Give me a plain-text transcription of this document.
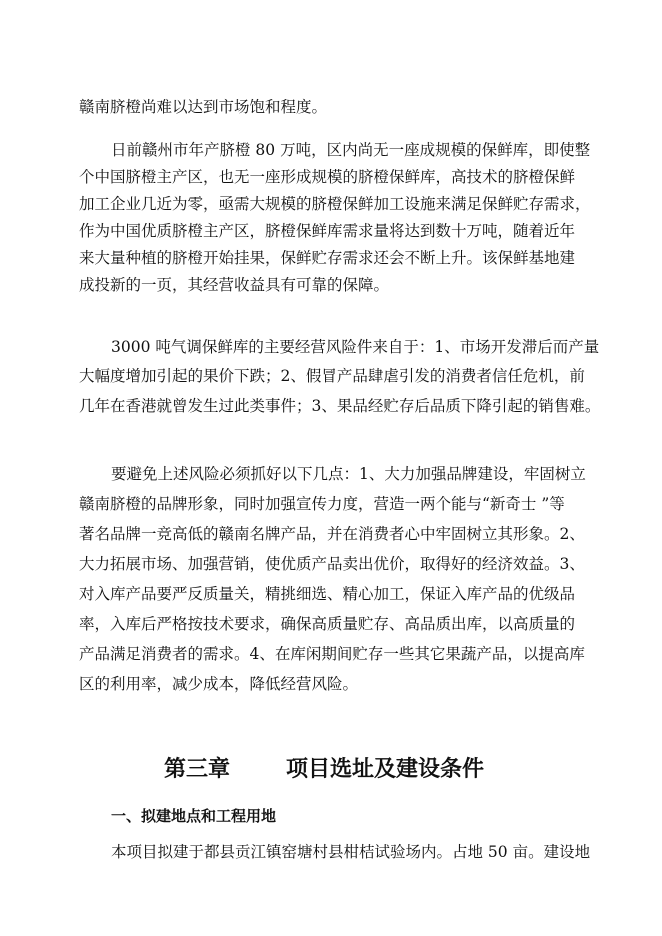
赣南脐橙尚难以达到市场饱和程度。
日前赣州市年产脐橙 80 万吨，区内尚无一座成规模的保鲜库，即使整
个中国脐橙主产区，也无一座形成规模的脐橙保鲜库，高技术的脐橙保鲜
加工企业几近为零，亟需大规模的脐橙保鲜加工设施来满足保鲜贮存需求，
作为中国优质脐橙主产区，脐橙保鲜库需求量将达到数十万吨，随着近年
来大量种植的脐橙开始挂果，保鲜贮存需求还会不断上升。该保鲜基地建
成投新的一页，其经营收益具有可靠的保障。
3000 吨气调保鲜库的主要经营风险件来自于：1、市场开发滞后而产量
大幅度增加引起的果价下跌；2、假冒产品肆虐引发的消费者信任危机，前
几年在香港就曾发生过此类事件；3、果品经贮存后品质下降引起的销售难。
要避免上述风险必须抓好以下几点：1、大力加强品牌建设，牢固树立
赣南脐橙的品牌形象，同时加强宣传力度，营造一两个能与“新奇士 ”等
著名品牌一竞高低的赣南名牌产品，并在消费者心中牢固树立其形象。2、
大力拓展市场、加强营销，使优质产品卖出优价，取得好的经济效益。3、
对入库产品要严反质量关，精挑细选、精心加工，保证入库产品的优级品
率，入库后严格按技术要求，确保高质量贮存、高品质出库，以高质量的
产品满足消费者的需求。4、在库闲期间贮存一些其它果蔬产品，以提高库
区的利用率，减少成本，降低经营风险。
第三章	项目选址及建设条件
一、拟建地点和工程用地
本项目拟建于都县贡江镇窑塘村县柑桔试验场内。占地 50 亩。建设地
